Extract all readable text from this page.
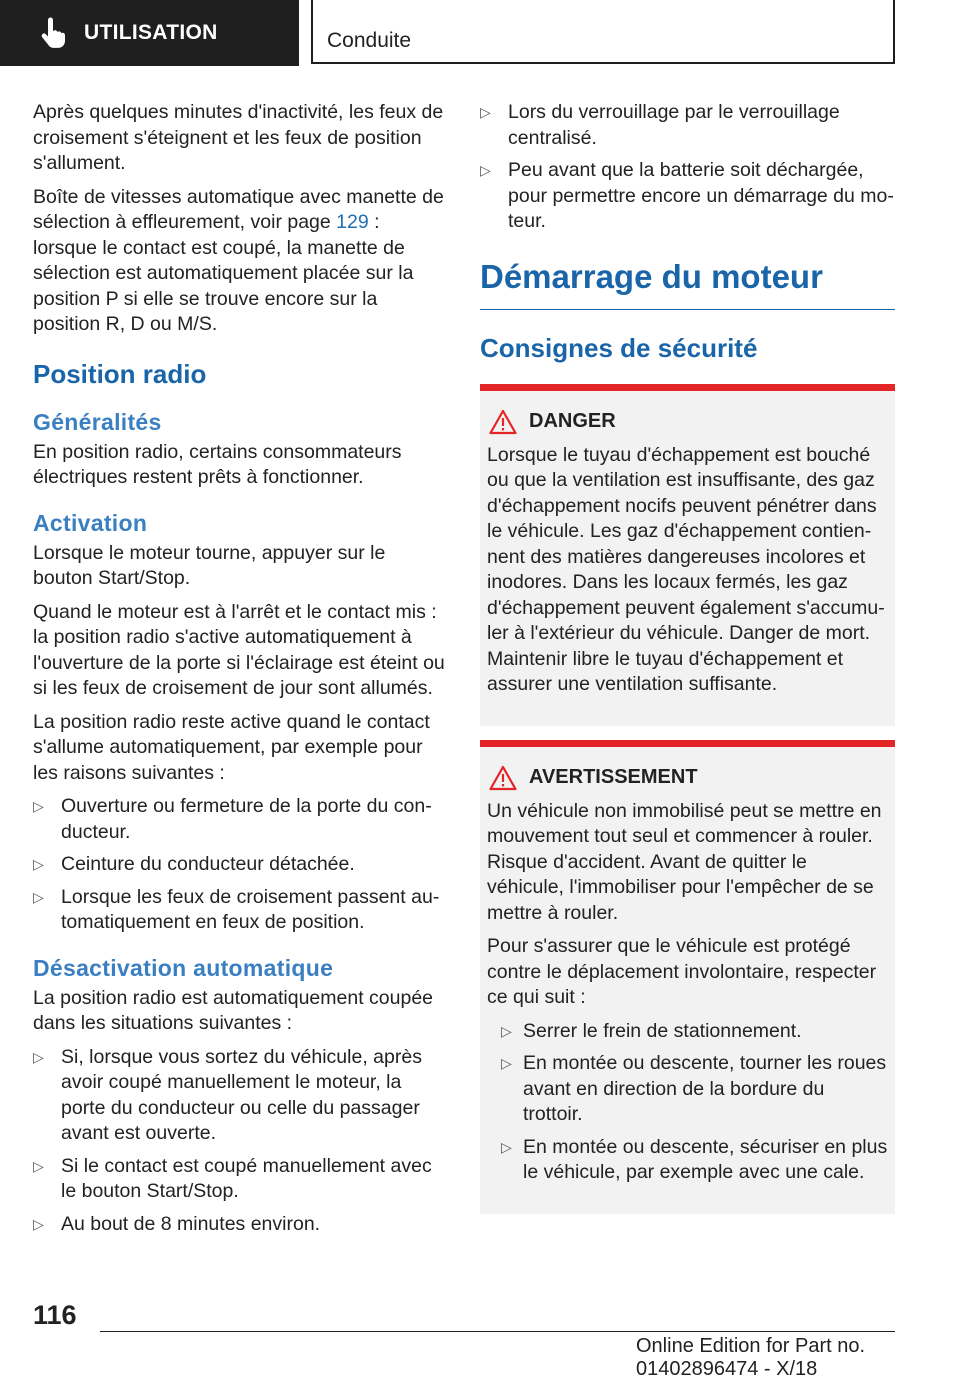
UTILISATION	Conduite

Après quelques minutes d'inactivité, les feux de croisement s'éteignent et les feux de position s'allument.

Boîte de vitesses automatique avec manette de sélection à effleurement, voir page 129 : lorsque le contact est coupé, la manette de sélection est automatiquement placée sur la position P si elle se trouve encore sur la position R, D ou M/S.

Position radio
Généralités

En position radio, certains consommateurs électriques restent prêts à fonctionner.

Activation

Lorsque le moteur tourne, appuyer sur le bouton Start/Stop.

Quand le moteur est à l'arrêt et le contact mis : la position radio s'active automatiquement à l'ouverture de la porte si l'éclairage est éteint ou si les feux de croisement de jour sont allumés.

La position radio reste active quand le contact s'allume automatiquement, par exemple pour les raisons suivantes :

▷ Ouverture ou fermeture de la porte du conducteur.
▷ Ceinture du conducteur détachée.
▷ Lorsque les feux de croisement passent automatiquement en feux de position.
Désactivation automatique

La position radio est automatiquement coupée dans les situations suivantes :

▷ Si, lorsque vous sortez du véhicule, après avoir coupé manuellement le moteur, la porte du conducteur ou celle du passager avant est ouverte.
▷ Si le contact est coupé manuellement avec le bouton Start/Stop.
▷ Au bout de 8 minutes environ.
▷ Lors du verrouillage par le verrouillage centralisé.
▷ Peu avant que la batterie soit déchargée, pour permettre encore un démarrage du moteur.
Démarrage du moteur
Consignes de sécurité
DANGER

Lorsque le tuyau d'échappement est bouché ou que la ventilation est insuffisante, des gaz d'échappement nocifs peuvent pénétrer dans le véhicule. Les gaz d'échappement contiennent des matières dangereuses incolores et inodores. Dans les locaux fermés, les gaz d'échappement peuvent également s'accumuler à l'extérieur du véhicule. Danger de mort. Maintenir libre le tuyau d'échappement et assurer une ventilation suffisante.

AVERTISSEMENT

Un véhicule non immobilisé peut se mettre en mouvement tout seul et commencer à rouler. Risque d'accident. Avant de quitter le véhicule, l'immobiliser pour l'empêcher de se mettre à rouler.

Pour s'assurer que le véhicule est protégé contre le déplacement involontaire, respecter ce qui suit :

▷ Serrer le frein de stationnement.
▷ En montée ou descente, tourner les roues avant en direction de la bordure du trottoir.
▷ En montée ou descente, sécuriser en plus le véhicule, par exemple avec une cale.
116
Online Edition for Part no. 01402896474 - X/18
